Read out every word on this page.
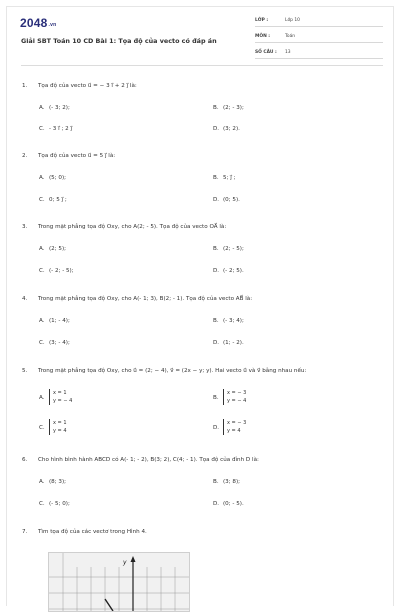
2048.vn
Giải SBT Toán 10 CD Bài 1: Tọa độ của vecto có đáp án
LỚP :	Lớp 10
MÔN :	Toán
SỐ CÂU : 13
1. Tọa độ của vecto u⃗ = − 3 i⃗ + 2 j⃗ là:
A. (- 3; 2);	B. (2; - 3);
C. - 3 i⃗ ; 2 j⃗	D. (3; 2).
2. Tọa độ của vecto u⃗ = 5 j⃗ là:
A. (5; 0);	B. 5; j⃗ ;
C. 0; 5 j⃗ ;	D. (0; 5).
3. Trong mặt phẳng tọa độ Oxy, cho A(2; - 5). Tọa độ của vecto OA⃗ là:
A. (2; 5);	B. (2; - 5);
C. (- 2; - 5);	D. (- 2; 5).
4. Trong mặt phẳng tọa độ Oxy, cho A(- 1; 3), B(2; - 1). Tọa độ của vecto AB⃗ là:
A. (1; - 4);	B. (- 3; 4);
C. (3; - 4);	D. (1; - 2).
5. Trong mặt phẳng tọa độ Oxy, cho u⃗ = (2; − 4), v⃗ = (2x − y; y). Hai vecto u⃗ và v⃗ bằng nhau nếu:
A.x = 1
y = − 4
B.x = − 3
y = − 4
C.x = 1
y = 4
D.x = − 3
y = 4
6. Cho hình bình hành ABCD có A(- 1; - 2), B(3; 2), C(4; - 1). Tọa độ của đỉnh D là:
A. (8; 3);	B. (3; 8);
C. (- 5; 0);	D. (0; - 5).
7. Tìm tọa độ của các vectơ trong Hình 4.
y
